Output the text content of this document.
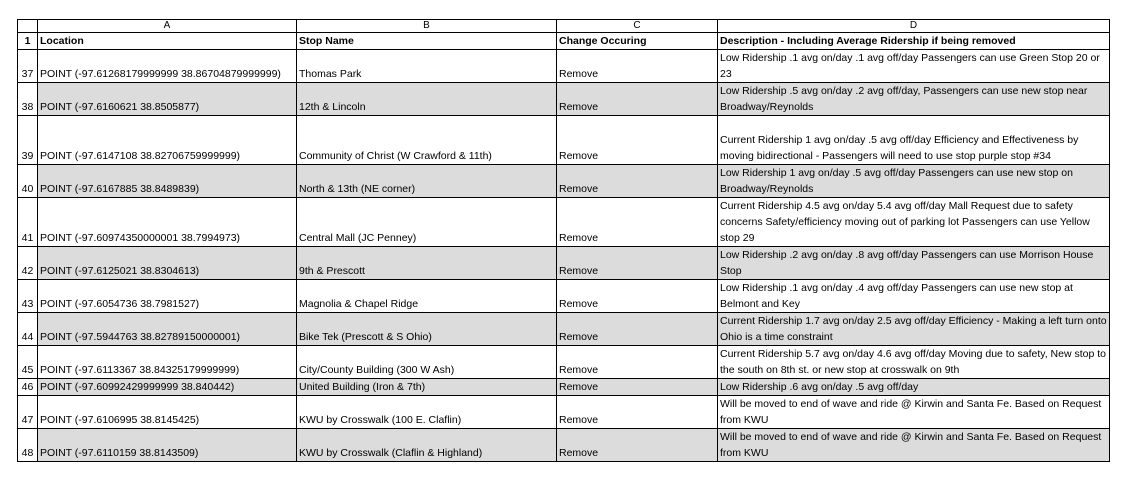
	A	B	C	D
1	Location	Stop Name	Change Occuring	Description - Including Average Ridership if being removed
37	POINT (-97.61268179999999 38.86704879999999)	Thomas Park	Remove	Low Ridership .1 avg on/day .1 avg off/day Passengers can use Green Stop 20 or 23
38	POINT (-97.6160621 38.8505877)	12th & Lincoln	Remove	Low Ridership .5 avg on/day .2 avg off/day, Passengers can use new stop near Broadway/Reynolds
39	POINT (-97.6147108 38.82706759999999)	Community of Christ (W Crawford & 11th)	Remove	Current Ridership 1 avg on/day .5 avg off/day Efficiency and Effectiveness by moving bidirectional - Passengers will need to use stop purple stop #34
40	POINT (-97.6167885 38.8489839)	North & 13th (NE corner)	Remove	Low Ridership 1 avg on/day .5 avg off/day Passengers can use new stop on Broadway/Reynolds
41	POINT (-97.60974350000001 38.7994973)	Central Mall (JC Penney)	Remove	Current Ridership 4.5 avg on/day 5.4 avg off/day Mall Request due to safety concerns Safety/efficiency moving out of parking lot Passengers can use Yellow stop 29
42	POINT (-97.6125021 38.8304613)	9th & Prescott	Remove	Low Ridership .2 avg on/day .8 avg off/day Passengers can use Morrison House Stop
43	POINT (-97.6054736 38.7981527)	Magnolia & Chapel Ridge	Remove	Low Ridership .1 avg on/day .4 avg off/day Passengers can use new stop at Belmont and Key
44	POINT (-97.5944763 38.82789150000001)	Bike Tek (Prescott & S Ohio)	Remove	Current Ridership 1.7 avg on/day 2.5 avg off/day Efficiency - Making a left turn onto Ohio is a time constraint
45	POINT (-97.6113367 38.84325179999999)	City/County Building (300 W Ash)	Remove	Current Ridership 5.7 avg on/day 4.6 avg off/day Moving due to safety, New stop to the south on 8th st. or new stop at crosswalk on 9th
46	POINT (-97.60992429999999 38.840442)	United Building (Iron & 7th)	Remove	Low Ridership .6 avg on/day .5 avg off/day
47	POINT (-97.6106995 38.8145425)	KWU by Crosswalk (100 E. Claflin)	Remove	Will be moved to end of wave and ride @ Kirwin and Santa Fe. Based on Request from KWU
48	POINT (-97.6110159 38.8143509)	KWU by Crosswalk (Claflin & Highland)	Remove	Will be moved to end of wave and ride @ Kirwin and Santa Fe. Based on Request from KWU
